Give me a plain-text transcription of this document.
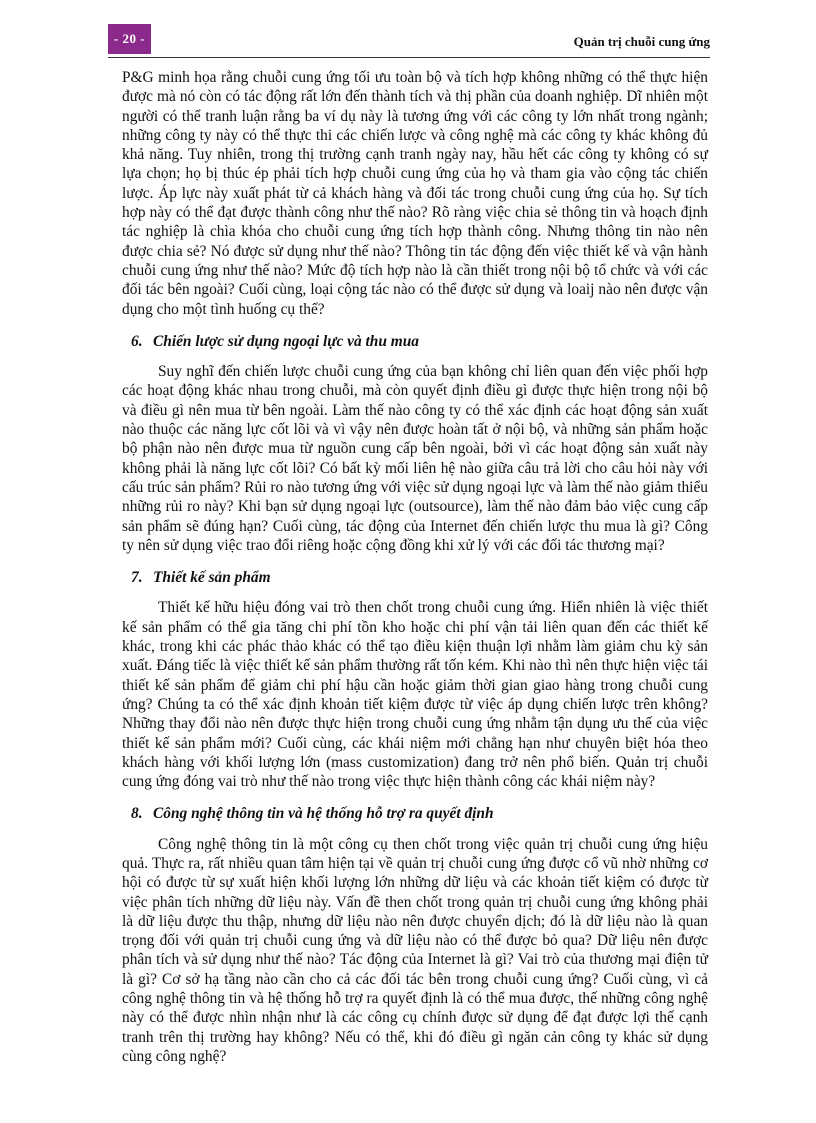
- 20 -	Quản trị chuỗi cung ứng

P&G minh họa rằng chuỗi cung ứng tối ưu toàn bộ và tích hợp không những có thể thực hiện được mà nó còn có tác động rất lớn đến thành tích và thị phần của doanh nghiệp. Dĩ nhiên một người có thể tranh luận rằng ba ví dụ này là tương ứng với các công ty lớn nhất trong ngành; những công ty này có thể thực thi các chiến lược và công nghệ mà các công ty khác không đủ khả năng. Tuy nhiên, trong thị trường cạnh tranh ngày nay, hầu hết các công ty không có sự lựa chọn; họ bị thúc ép phải tích hợp chuỗi cung ứng của họ và tham gia vào cộng tác chiến lược. Áp lực này xuất phát từ cả khách hàng và đối tác trong chuỗi cung ứng của họ. Sự tích hợp này có thể đạt được thành công như thế nào? Rõ ràng việc chia sẻ thông tin và hoạch định tác nghiệp là chìa khóa cho chuỗi cung ứng tích hợp thành công. Nhưng thông tin nào nên được chia sẻ? Nó được sử dụng như thế nào? Thông tin tác động đến việc thiết kế và vận hành chuỗi cung ứng như thế nào? Mức độ tích hợp nào là cần thiết trong nội bộ tổ chức và với các đối tác bên ngoài? Cuối cùng, loại cộng tác nào có thể được sử dụng và loaij nào nên được vận dụng cho một tình huống cụ thể?

6. Chiến lược sử dụng ngoại lực và thu mua

Suy nghĩ đến chiến lược chuỗi cung ứng của bạn không chỉ liên quan đến việc phối hợp các hoạt động khác nhau trong chuỗi, mà còn quyết định điều gì được thực hiện trong nội bộ và điều gì nên mua từ bên ngoài. Làm thế nào công ty có thể xác định các hoạt động sản xuất nào thuộc các năng lực cốt lõi và vì vậy nên được hoàn tất ở nội bộ, và những sản phẩm hoặc bộ phận nào nên được mua từ nguồn cung cấp bên ngoài, bởi vì các hoạt động sản xuất này không phải là năng lực cốt lõi? Có bất kỳ mối liên hệ nào giữa câu trả lời cho câu hỏi này với cấu trúc sản phẩm? Rủi ro nào tương ứng với việc sử dụng ngoại lực và làm thế nào giảm thiểu những rủi ro này? Khi bạn sử dụng ngoại lực (outsource), làm thế nào đảm bảo việc cung cấp sản phẩm sẽ đúng hạn? Cuối cùng, tác động của Internet đến chiến lược thu mua là gì? Công ty nên sử dụng việc trao đổi riêng hoặc cộng đồng khi xử lý với các đối tác thương mại?

7. Thiết kế sản phẩm

Thiết kế hữu hiệu đóng vai trò then chốt trong chuỗi cung ứng. Hiển nhiên là việc thiết kế sản phẩm có thể gia tăng chi phí tồn kho hoặc chi phí vận tải liên quan đến các thiết kế khác, trong khi các phác thảo khác có thể tạo điều kiện thuận lợi nhằm làm giảm chu kỳ sản xuất. Đáng tiếc là việc thiết kế sản phẩm thường rất tốn kém. Khi nào thì nên thực hiện việc tái thiết kế sản phẩm để giảm chi phí hậu cần hoặc giảm thời gian giao hàng trong chuỗi cung ứng? Chúng ta có thể xác định khoản tiết kiệm được từ việc áp dụng chiến lược trên không? Những thay đổi nào nên được thực hiện trong chuỗi cung ứng nhằm tận dụng ưu thế của việc thiết kế sản phẩm mới? Cuối cùng, các khái niệm mới chẳng hạn như chuyên biệt hóa theo khách hàng với khối lượng lớn (mass customization) đang trở nên phổ biến. Quản trị chuỗi cung ứng đóng vai trò như thế nào trong việc thực hiện thành công các khái niệm này?

8. Công nghệ thông tin và hệ thống hỗ trợ ra quyết định

Công nghệ thông tin là một công cụ then chốt trong việc quản trị chuỗi cung ứng hiệu quả. Thực ra, rất nhiều quan tâm hiện tại về quản trị chuỗi cung ứng được cổ vũ nhờ những cơ hội có được từ sự xuất hiện khối lượng lớn những dữ liệu và các khoản tiết kiệm có được từ việc phân tích những dữ liệu này. Vấn đề then chốt trong quản trị chuỗi cung ứng không phải là dữ liệu được thu thập, nhưng dữ liệu nào nên được chuyển dịch; đó là dữ liệu nào là quan trọng đối với quản trị chuỗi cung ứng và dữ liệu nào có thể được bỏ qua? Dữ liệu nên được phân tích và sử dụng như thế nào? Tác động của Internet là gì? Vai trò của thương mại điện tử là gì? Cơ sở hạ tầng nào cần cho cả các đối tác bên trong chuỗi cung ứng? Cuối cùng, vì cả công nghệ thông tin và hệ thống hỗ trợ ra quyết định là có thể mua được, thế những công nghệ này có thể được nhìn nhận như là các công cụ chính được sử dụng để đạt được lợi thế cạnh tranh trên thị trường hay không? Nếu có thể, khi đó điều gì ngăn cản công ty khác sử dụng cùng công nghệ?
